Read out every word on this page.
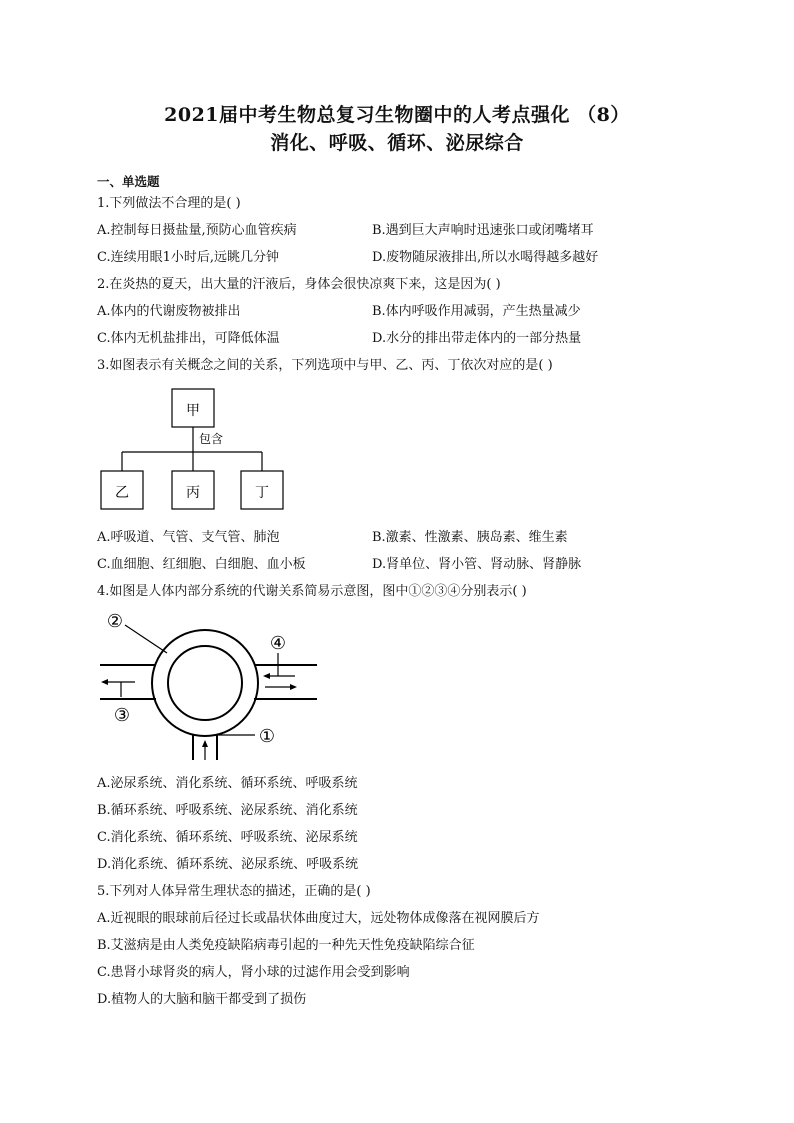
2021届中考生物总复习生物圈中的人考点强化 （8）
消化、呼吸、循环、泌尿综合
一、单选题
1.下列做法不合理的是( )
A.控制每日摄盐量,预防心血管疾病	B.遇到巨大声响时迅速张口或闭嘴堵耳
C.连续用眼1小时后,远眺几分钟	D.废物随尿液排出,所以水喝得越多越好
2.在炎热的夏天，出大量的汗液后，身体会很快凉爽下来，这是因为( )
A.体内的代谢废物被排出	B.体内呼吸作用减弱，产生热量减少
C.体内无机盐排出，可降低体温	D.水分的排出带走体内的一部分热量
3.如图表示有关概念之间的关系，下列选项中与甲、乙、丙、丁依次对应的是( )
甲
包含
乙	丙	丁
A.呼吸道、气管、支气管、肺泡	B.激素、性激素、胰岛素、维生素
C.血细胞、红细胞、白细胞、血小板	D.肾单位、肾小管、肾动脉、肾静脉
4.如图是人体内部分系统的代谢关系简易示意图，图中①②③④分别表示( )
③
④
①
②
A.泌尿系统、消化系统、循环系统、呼吸系统
B.循环系统、呼吸系统、泌尿系统、消化系统
C.消化系统、循环系统、呼吸系统、泌尿系统
D.消化系统、循环系统、泌尿系统、呼吸系统
5.下列对人体异常生理状态的描述，正确的是( )
A.近视眼的眼球前后径过长或晶状体曲度过大，远处物体成像落在视网膜后方
B.艾滋病是由人类免疫缺陷病毒引起的一种先天性免疫缺陷综合征
C.患肾小球肾炎的病人，肾小球的过滤作用会受到影响
D.植物人的大脑和脑干都受到了损伤
